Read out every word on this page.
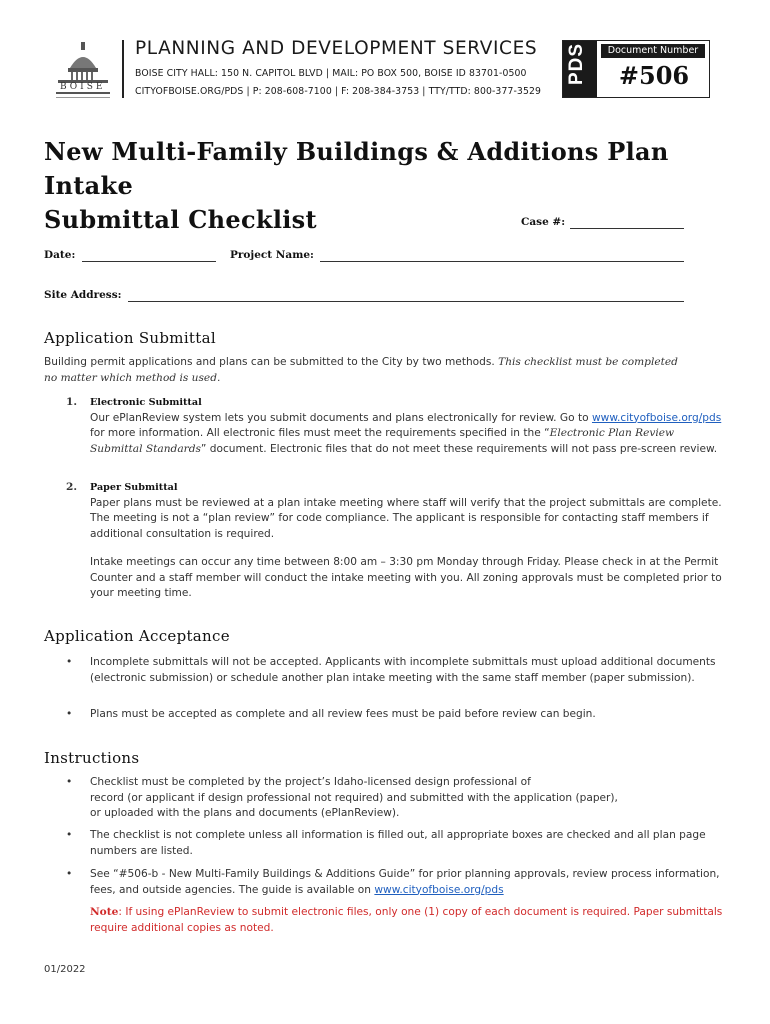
BOISE
PLANNING AND DEVELOPMENT SERVICES
BOISE CITY HALL: 150 N. CAPITOL BLVD | MAIL: PO BOX 500, BOISE ID 83701-0500
CITYOFBOISE.ORG/PDS | P: 208-608-7100 | F: 208-384-3753 | TTY/TTD: 800-377-3529
PDS	Document Number
#506
New Multi-Family Buildings & Additions Plan Intake
Submittal Checklist	Case #:
Date:	Project Name:
Site Address:
Application Submittal

Building permit applications and plans can be submitted to the City by two methods. This checklist must be completed no matter which method is used.

1. Electronic Submittal
Our ePlanReview system lets you submit documents and plans electronically for review. Go to www.cityofboise.org/pds for more information. All electronic files must meet the requirements specified in the “Electronic Plan Review Submittal Standards” document. Electronic files that do not meet these requirements will not pass pre-screen review.
2. Paper Submittal
Paper plans must be reviewed at a plan intake meeting where staff will verify that the project submittals are complete. The meeting is not a “plan review” for code compliance. The applicant is responsible for contacting staff members if additional consultation is required.
Intake meetings can occur any time between 8:00 am – 3:30 pm Monday through Friday. Please check in at the Permit Counter and a staff member will conduct the intake meeting with you. All zoning approvals must be completed prior to your meeting time.
Application Acceptance
• Incomplete submittals will not be accepted. Applicants with incomplete submittals must upload additional documents (electronic submission) or schedule another plan intake meeting with the same staff member (paper submission).
• Plans must be accepted as complete and all review fees must be paid before review can begin.
Instructions
• Checklist must be completed by the project’s Idaho-licensed design professional of
record (or applicant if design professional not required) and submitted with the application (paper),
or uploaded with the plans and documents (ePlanReview).
• The checklist is not complete unless all information is filled out, all appropriate boxes are checked and all plan page numbers are listed.
• See “#506-b - New Multi-Family Buildings & Additions Guide” for prior planning approvals, review process information, fees, and outside agencies. The guide is available on www.cityofboise.org/pds
Note: If using ePlanReview to submit electronic files, only one (1) copy of each document is required. Paper submittals require additional copies as noted.
01/2022
